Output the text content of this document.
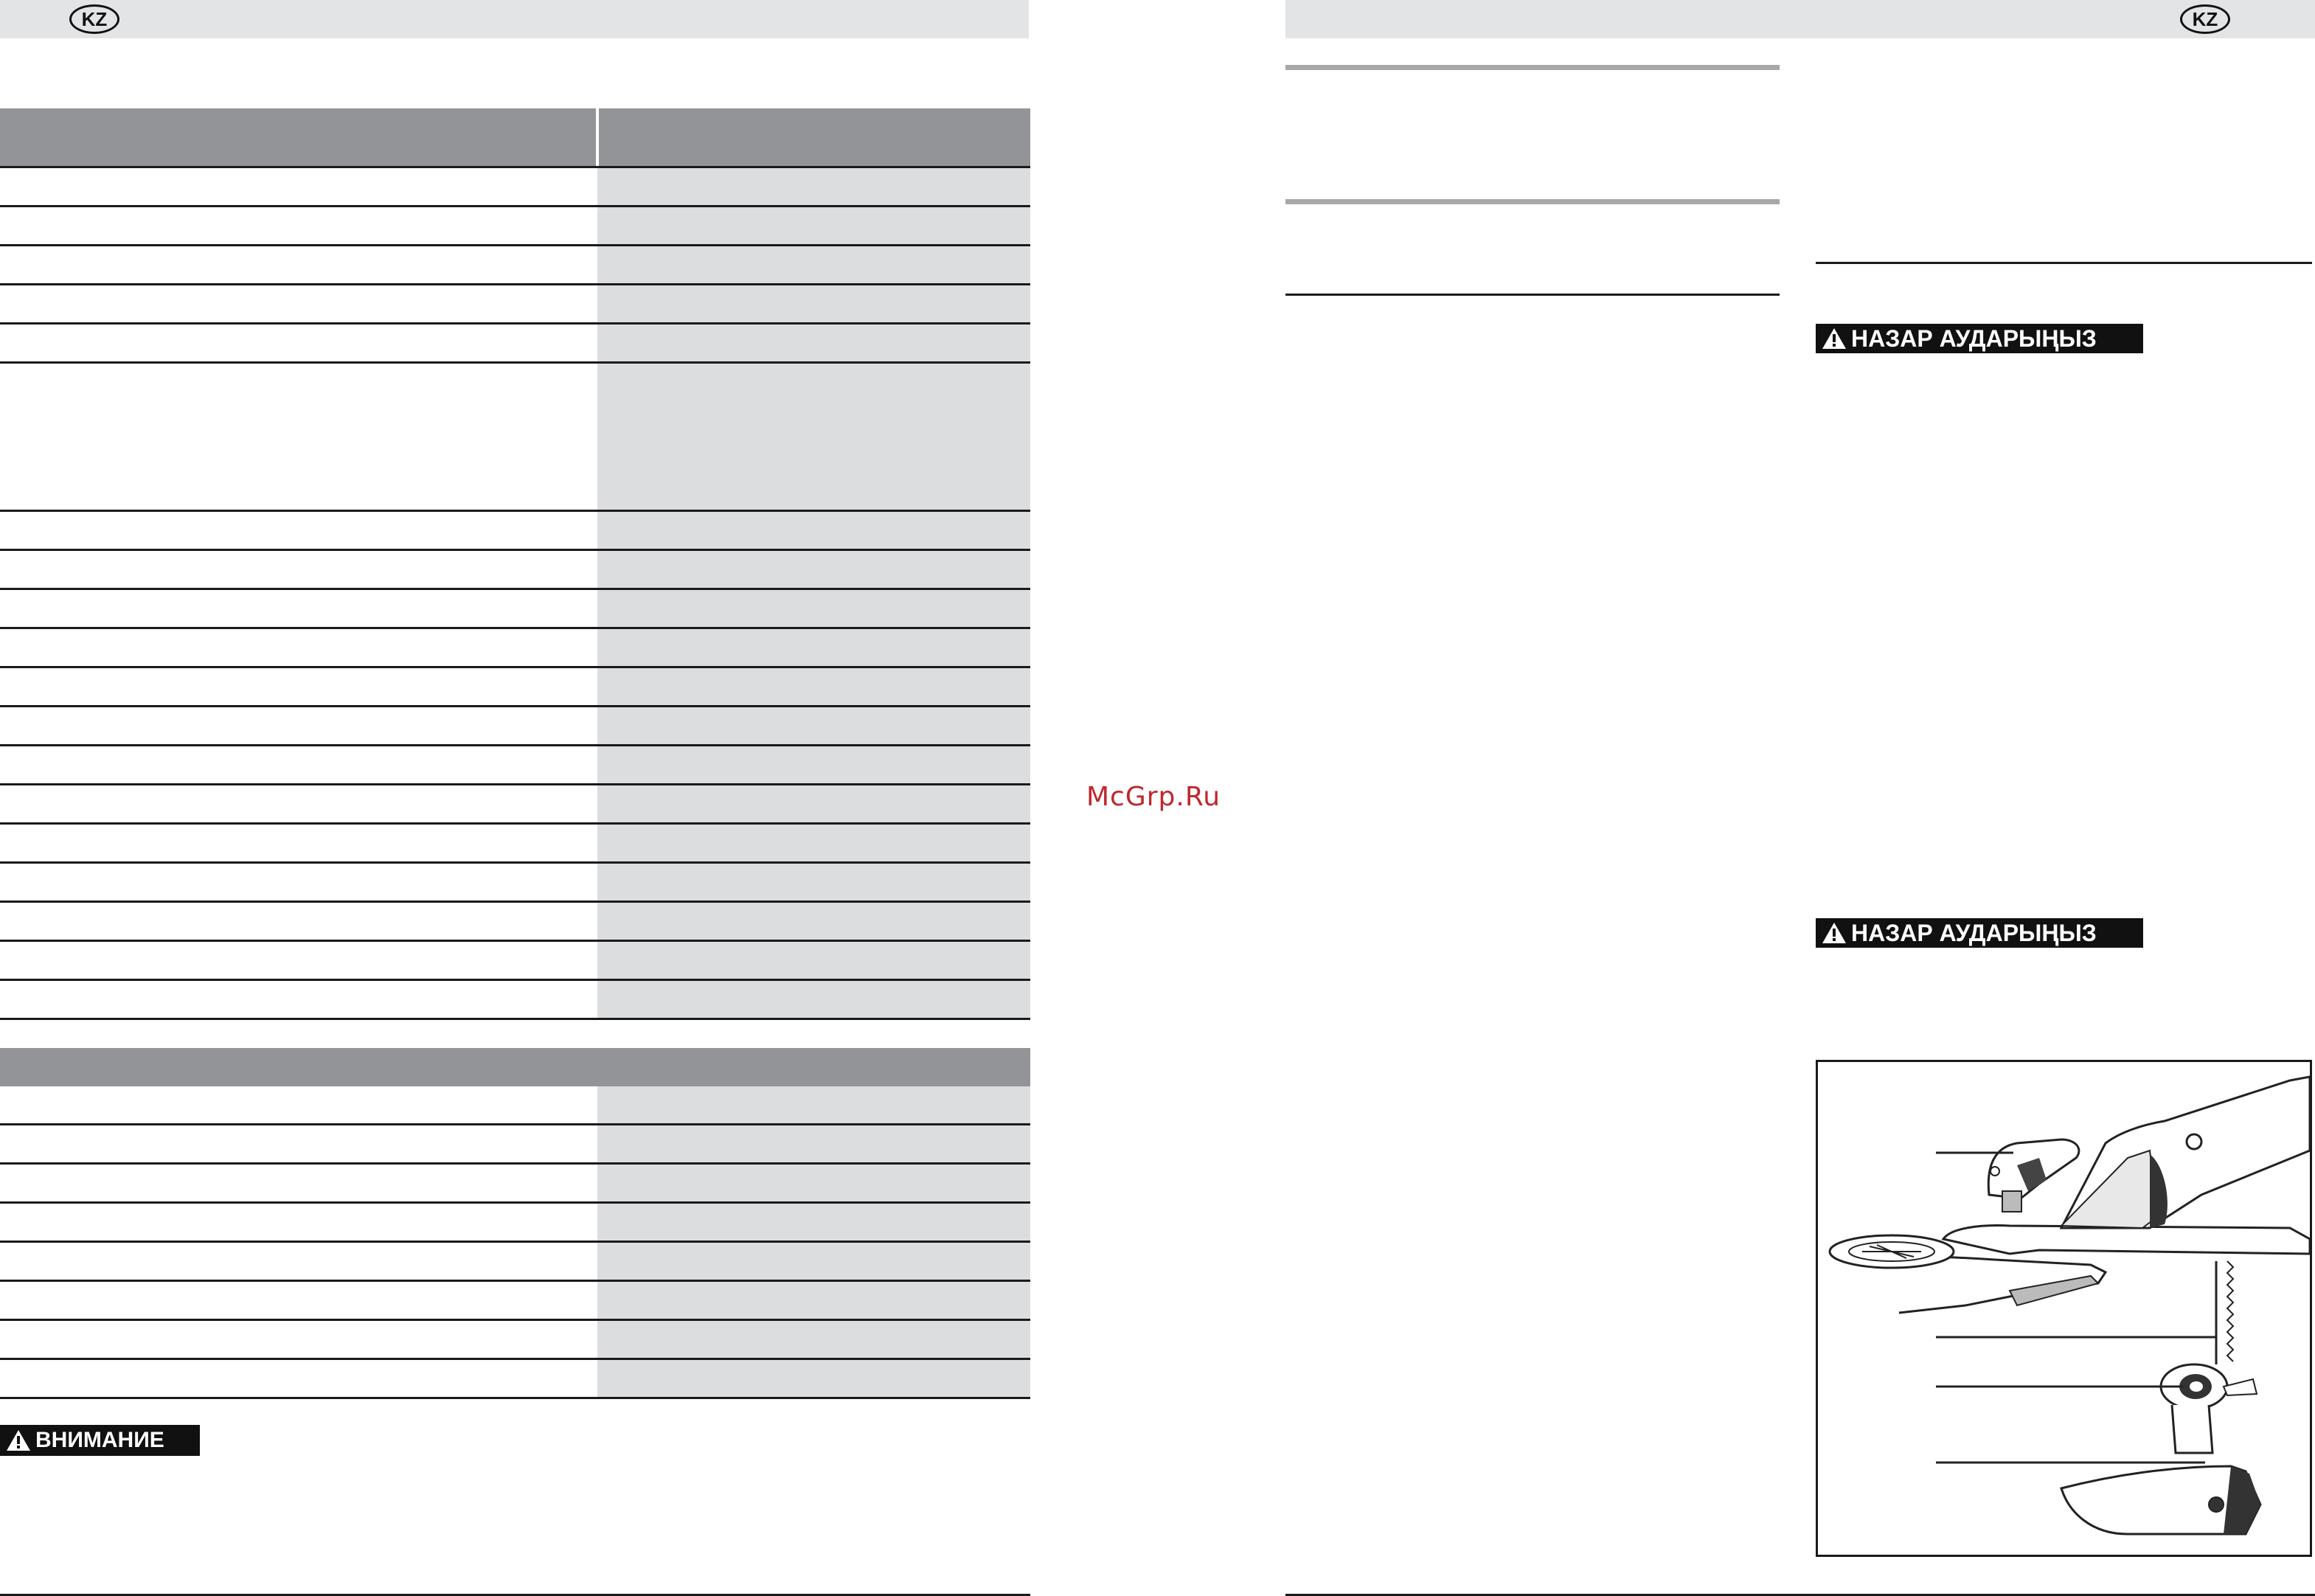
KZ	KZ
ВНИМАНИЕ
McGrp.Ru
НАЗАР АУДАРЫҢЫЗ
НАЗАР АУДАРЫҢЫЗ
